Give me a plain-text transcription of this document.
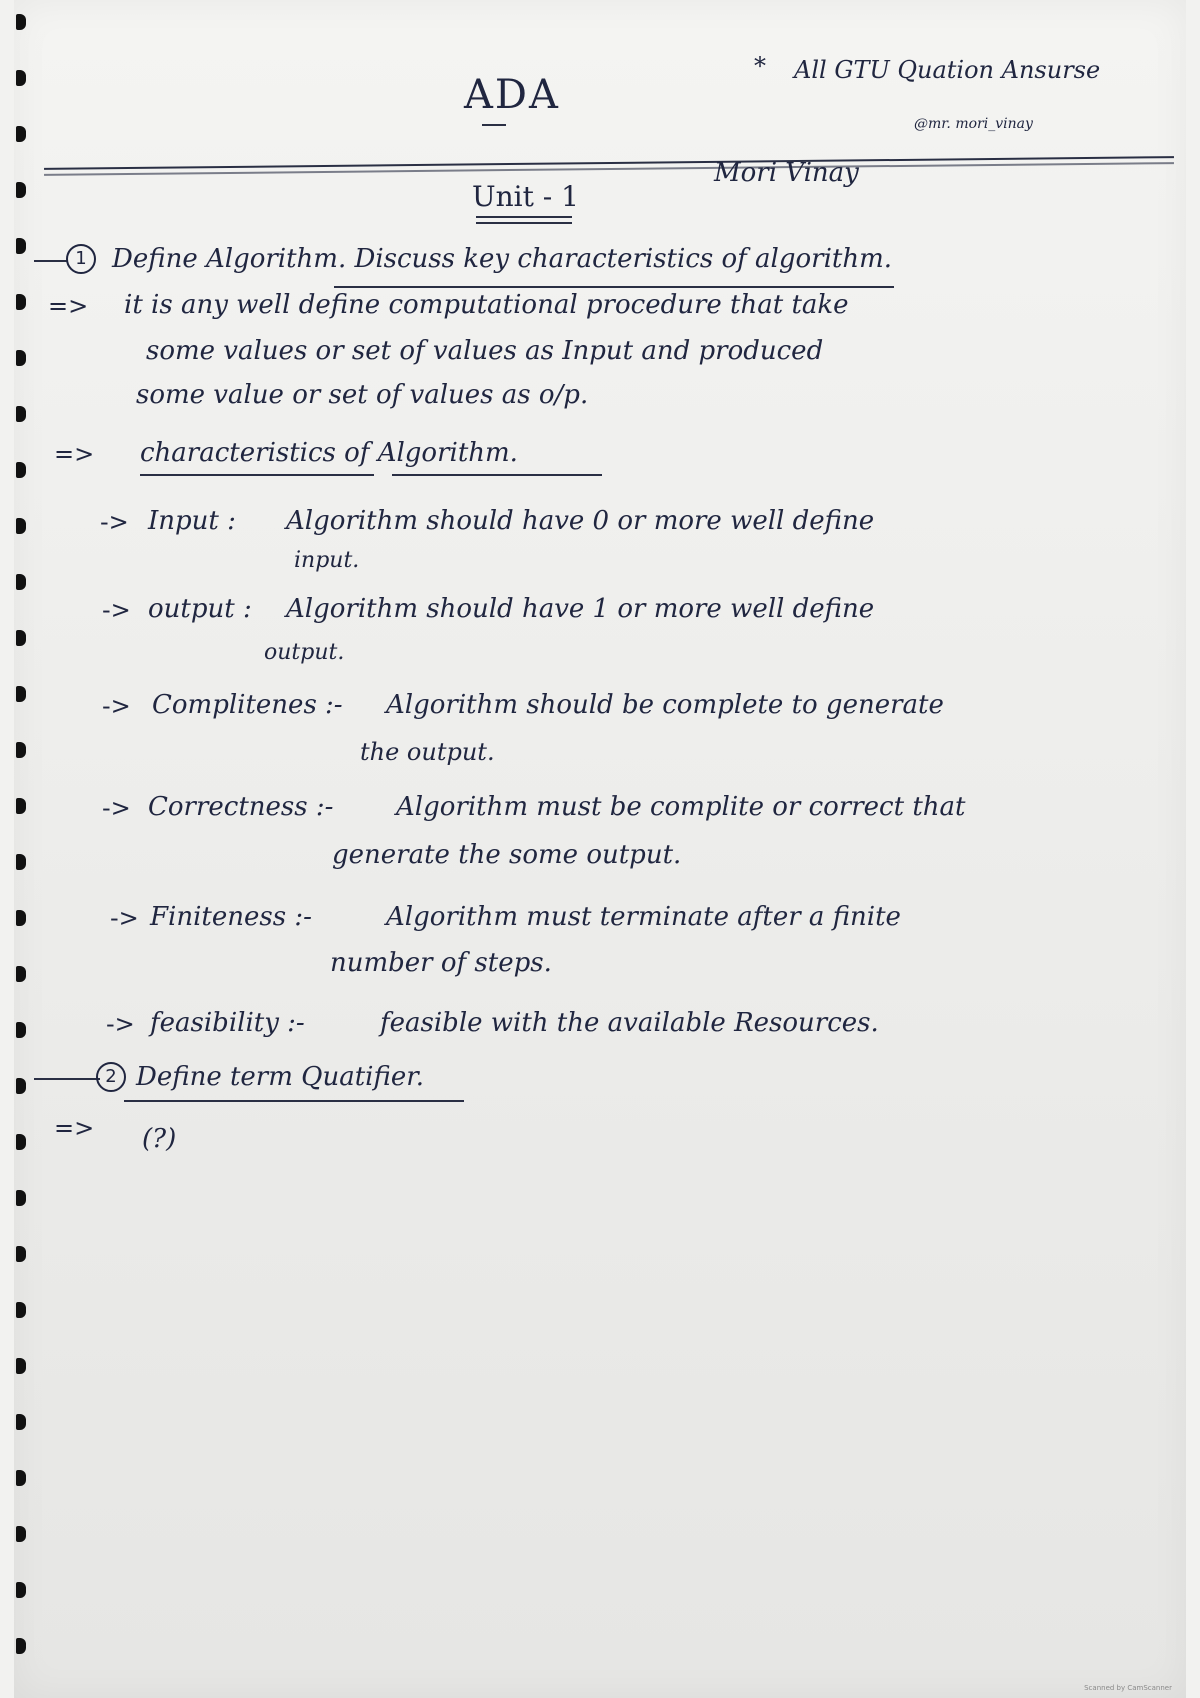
ADA
* All GTU Quation Ansurse
@mr. mori_vinay
Mori Vinay
Unit - 1
1 Define Algorithm. Discuss key characteristics of algorithm.
=> it is any well define computational procedure that take
some values or set of values as Input and produced
some value or set of values as o/p.
=> characteristics of Algorithm.
-> Input : Algorithm should have 0 or more well define
input.
-> output : Algorithm should have 1 or more well define
output.
-> Complitenes :- Algorithm should be complete to generate
the output.
-> Correctness :- Algorithm must be complite or correct that
generate the some output.
-> Finiteness :-	Algorithm must terminate after a finite
number of steps.
-> feasibility :-	feasible with the available Resources.
2 Define term Quatifier.
=> (?)
Scanned by CamScanner
